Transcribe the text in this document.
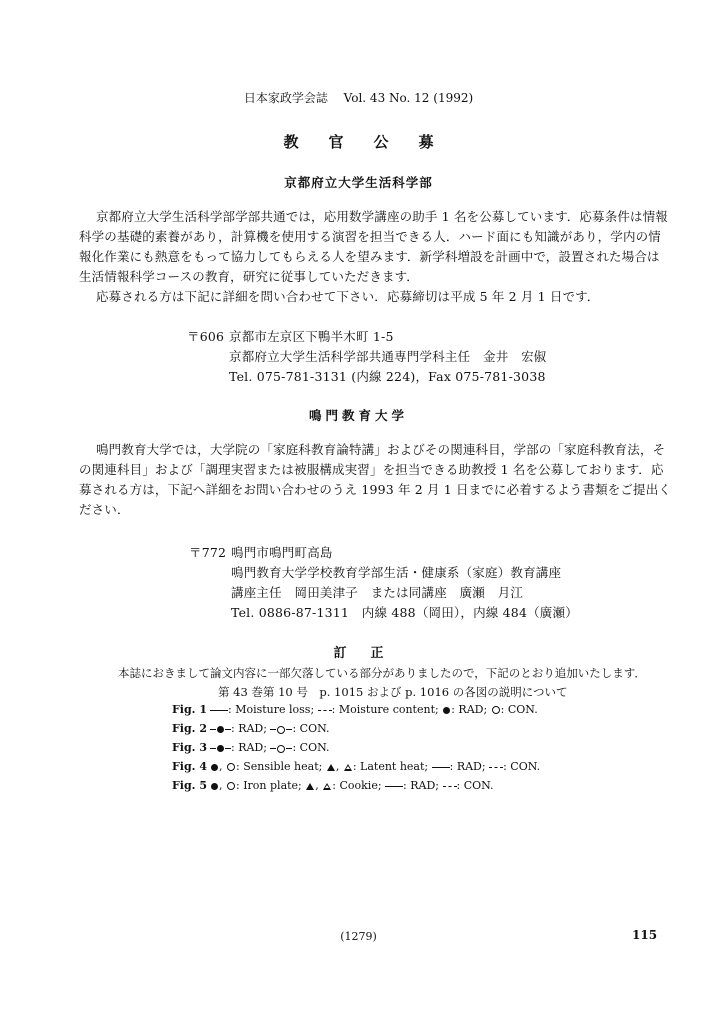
日本家政学会誌 Vol. 43 No. 12 (1992)
教官公募
京都府立大学生活科学部
京都府立大学生活科学部学部共通では，応用数学講座の助手 1 名を公募しています．応募条件は情報
科学の基礎的素養があり，計算機を使用する演習を担当できる人．ハード面にも知識があり，学内の情
報化作業にも熱意をもって協力してもらえる人を望みます．新学科増設を計画中で，設置された場合は
生活情報科学コースの教育，研究に従事していただきます．
応募される方は下記に詳細を問い合わせて下さい．応募締切は平成 5 年 2 月 1 日です．
〒606 京都市左京区下鴨半木町 1-5
京都府立大学生活科学部共通専門学科主任　金井　宏俶
Tel. 075-781-3131 (内線 224)，Fax 075-781-3038
鳴門教育大学
鳴門教育大学では，大学院の「家庭科教育論特講」およびその関連科目，学部の「家庭科教育法，そ
の関連科目」および「調理実習または被服構成実習」を担当できる助教授 1 名を公募しております．応
募される方は，下記へ詳細をお問い合わせのうえ 1993 年 2 月 1 日までに必着するよう書類をご提出く
ださい．
〒772 鳴門市鳴門町高島
鳴門教育大学学校教育学部生活・健康系（家庭）教育講座
講座主任　岡田美津子　または同講座　廣瀬　月江
Tel. 0886-87-1311　内線 488（岡田），内線 484（廣瀬）
訂正
本誌におきまして論文内容に一部欠落している部分がありましたので，下記のとおり追加いたします．
第 43 巻第 10 号　p. 1015 および p. 1016 の各図の説明について
Fig. 1	: Moisture loss; : Moisture content; : RAD; : CON.
Fig. 2	: RAD; : CON.
Fig. 3	: RAD; : CON.
Fig. 4	, : Sensible heat; , : Latent heat; : RAD; : CON.
Fig. 5	, : Iron plate; , : Cookie; : RAD; : CON.
(1279)	115
